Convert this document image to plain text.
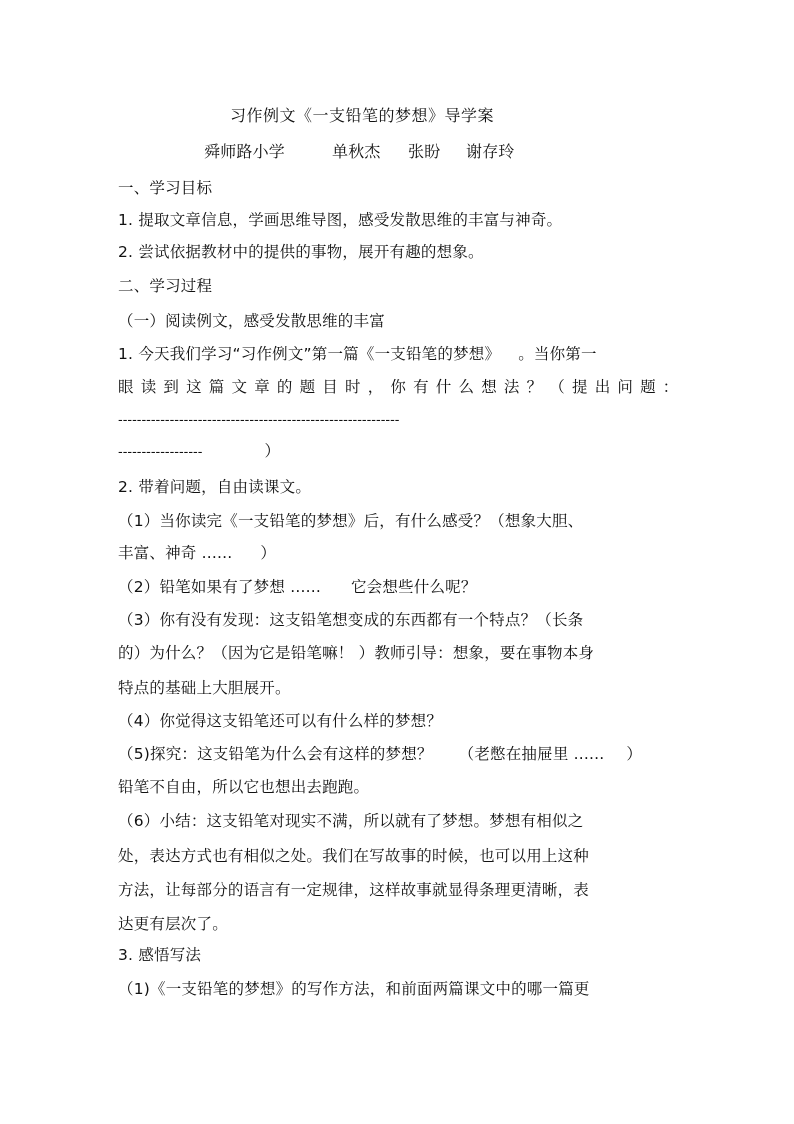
习作例文《一支铅笔的梦想》导学案
舜师路小学	单秋杰 张盼 谢存玲
一、学习目标
1. 提取文章信息，学画思维导图，感受发散思维的丰富与神奇。
2. 尝试依据教材中的提供的事物，展开有趣的想象。
二、学习过程
（一）阅读例文，感受发散思维的丰富
1. 今天我们学习“习作例文”第一篇《一支铅笔的梦想》 。当你第一
眼读到这篇文章的题目时，你有什么想法？（提出问题：
------------------------------------------------------------
------------------	）
2. 带着问题，自由读课文。
（1）当你读完《一支铅笔的梦想》后，有什么感受？（想象大胆、
丰富、神奇 ...... ）
（2）铅笔如果有了梦想 ...... 它会想些什么呢？
（3）你有没有发现：这支铅笔想变成的东西都有一个特点？（长条
的）为什么？（因为它是铅笔嘛！ ）教师引导：想象，要在事物本身
特点的基础上大胆展开。
（4）你觉得这支铅笔还可以有什么样的梦想？
（5)探究：这支铅笔为什么会有这样的梦想？ （老憋在抽屉里 ...... ）
铅笔不自由，所以它也想出去跑跑。
（6）小结：这支铅笔对现实不满，所以就有了梦想。梦想有相似之
处，表达方式也有相似之处。我们在写故事的时候，也可以用上这种
方法，让每部分的语言有一定规律，这样故事就显得条理更清晰，表
达更有层次了。
3. 感悟写法
（1)《一支铅笔的梦想》的写作方法，和前面两篇课文中的哪一篇更
